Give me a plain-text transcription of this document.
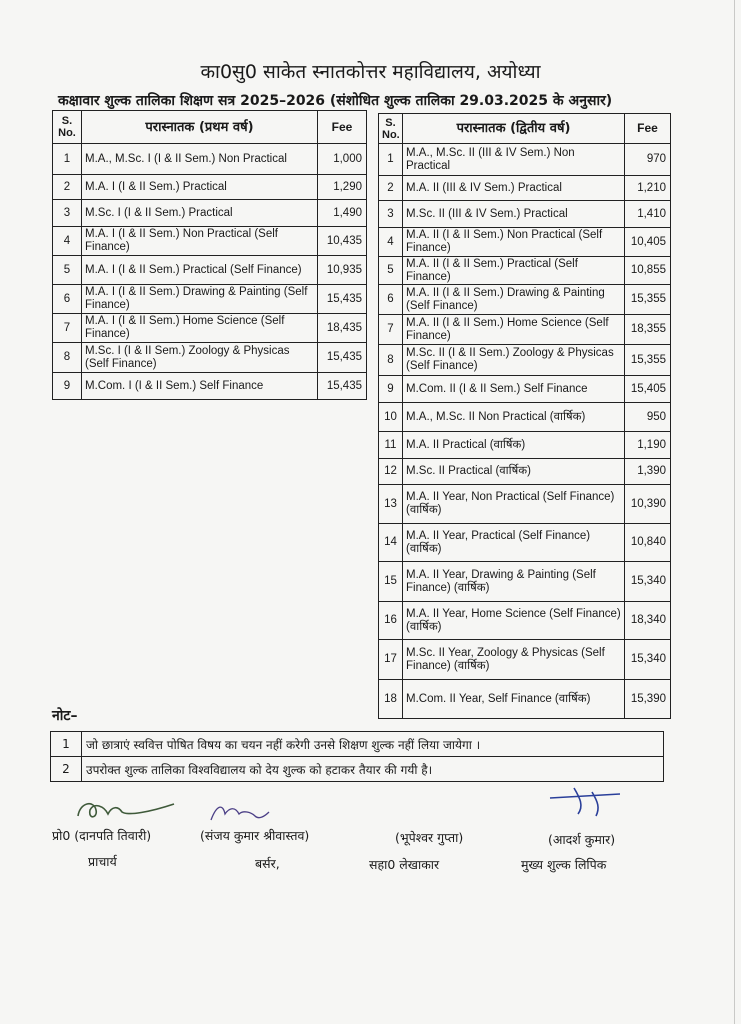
का0सु0 साकेत स्नातकोत्तर महाविद्यालय, अयोध्या
कक्षावार शुल्क तालिका शिक्षण सत्र 2025–2026 (संशोधित शुल्क तालिका 29.03.2025 के अनुसार)
S. No.	परास्नातक (प्रथम वर्ष)	Fee
1	M.A., M.Sc. I (I & II Sem.) Non Practical	1,000
2	M.A. I (I & II Sem.) Practical	1,290
3	M.Sc. I (I & II Sem.) Practical	1,490
4	M.A. I (I & II Sem.) Non Practical (Self Finance)	10,435
5	M.A. I (I & II Sem.) Practical (Self Finance)	10,935
6	M.A. I (I & II Sem.) Drawing & Painting (Self Finance)	15,435
7	M.A. I (I & II Sem.) Home Science (Self Finance)	18,435
8	M.Sc. I (I & II Sem.) Zoology & Physicas (Self Finance)	15,435
9	M.Com. I (I & II Sem.) Self Finance	15,435
S. No.	परास्नातक (द्वितीय वर्ष)	Fee
1	M.A., M.Sc. II (III & IV Sem.) Non Practical	970
2	M.A. II (III & IV Sem.) Practical	1,210
3	M.Sc. II (III & IV Sem.) Practical	1,410
4	M.A. II (I & II Sem.) Non Practical (Self Finance)	10,405
5	M.A. II (I & II Sem.) Practical (Self Finance)	10,855
6	M.A. II (I & II Sem.) Drawing & Painting (Self Finance)	15,355
7	M.A. II (I & II Sem.) Home Science (Self Finance)	18,355
8	M.Sc. II (I & II Sem.) Zoology & Physicas (Self Finance)	15,355
9	M.Com. II (I & II Sem.) Self Finance	15,405
10	M.A., M.Sc. II Non Practical (वार्षिक)	950
11	M.A. II Practical (वार्षिक)	1,190
12	M.Sc. II Practical (वार्षिक)	1,390
13	M.A. II Year, Non Practical (Self Finance) (वार्षिक)	10,390
14	M.A. II Year, Practical (Self Finance) (वार्षिक)	10,840
15	M.A. II Year, Drawing & Painting (Self Finance) (वार्षिक)	15,340
16	M.A. II Year, Home Science (Self Finance) (वार्षिक)	18,340
17	M.Sc. II Year, Zoology & Physicas (Self Finance) (वार्षिक)	15,340
18	M.Com. II Year, Self Finance (वार्षिक)	15,390
नोट–
1	जो छात्राएं स्ववित्त पोषित विषय का चयन नहीं करेगी उनसे शिक्षण शुल्क नहीं लिया जायेगा ।
2	उपरोक्त शुल्क तालिका विश्वविद्यालय को देय शुल्क को हटाकर तैयार की गयी है।
प्रो0 (दानपति तिवारी)
प्राचार्य
(संजय कुमार श्रीवास्तव)
बर्सर,
(भूपेश्वर गुप्ता)
सहा0 लेखाकार
(आदर्श कुमार)
मुख्य शुल्क लिपिक
